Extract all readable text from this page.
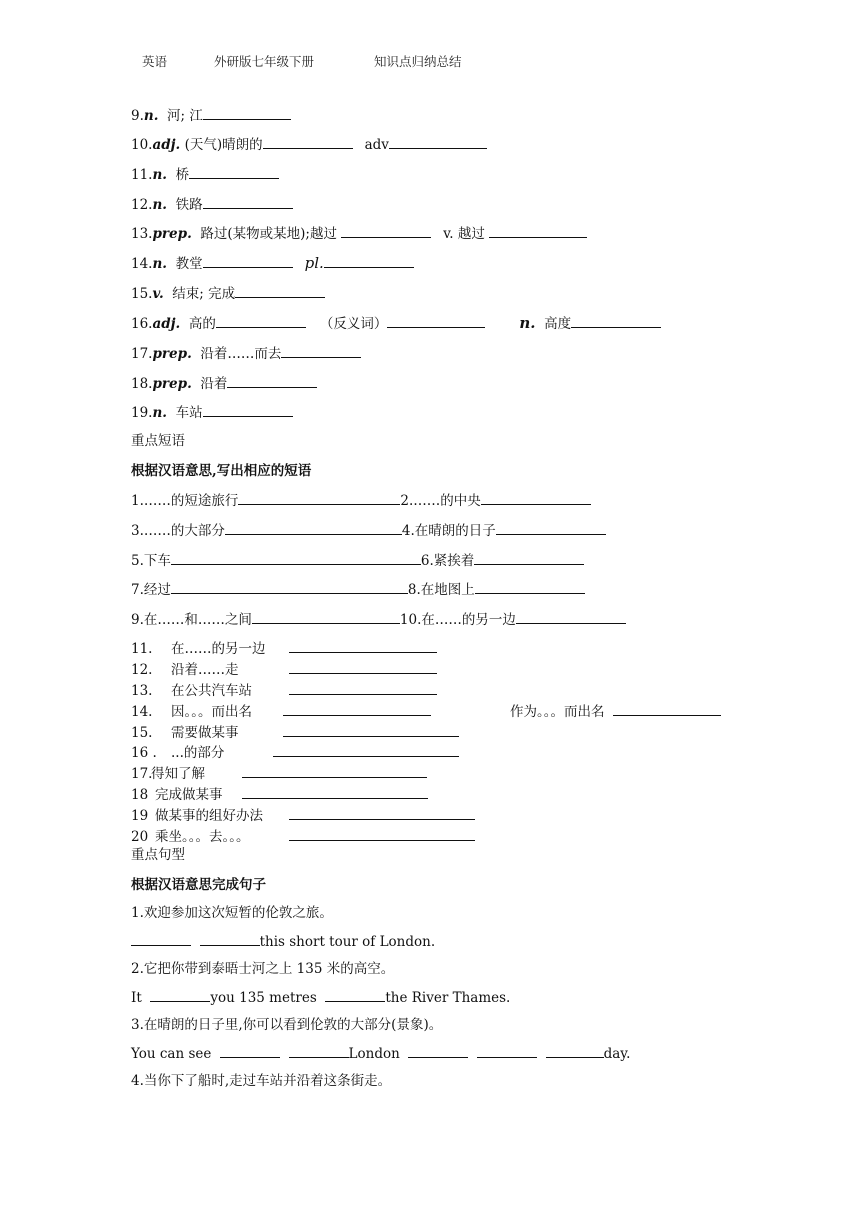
英语	外研版七年级下册	知识点归纳总结
9.n. 河; 江
10.adj. (天气)晴朗的	adv
11.n. 桥
12.n. 铁路
13.prep. 路过(某物或某地);越过	v. 越过
14.n. 教堂	pl.
15.v. 结束; 完成
16.adj. 高的	（反义词）	n. 高度
17.prep. 沿着……而去
18.prep. 沿着
19.n. 车站
重点短语
根据汉语意思,写出相应的短语
1.……的短途旅行	2.……的中央
3.……的大部分	4.在晴朗的日子
5.下车	6.紧挨着
7.经过	8.在地图上
9.在……和……之间	10.在……的另一边
11. 在……的另一边
12. 沿着……走
13. 在公共汽车站
14. 因。。。而出名	作为。。。而出名
15. 需要做某事
16 . ...的部分
17.得知了解
18 完成做某事
19 做某事的组好办法
20 乘坐。。。去。。。
重点句型
根据汉语意思完成句子
1.欢迎参加这次短暂的伦敦之旅。
this short tour of London.
2.它把你带到泰晤士河之上 135 米的高空。
It	you 135 metres	the River Thames.
3.在晴朗的日子里,你可以看到伦敦的大部分(景象)。
You can see	London	day.
4.当你下了船时,走过车站并沿着这条街走。
